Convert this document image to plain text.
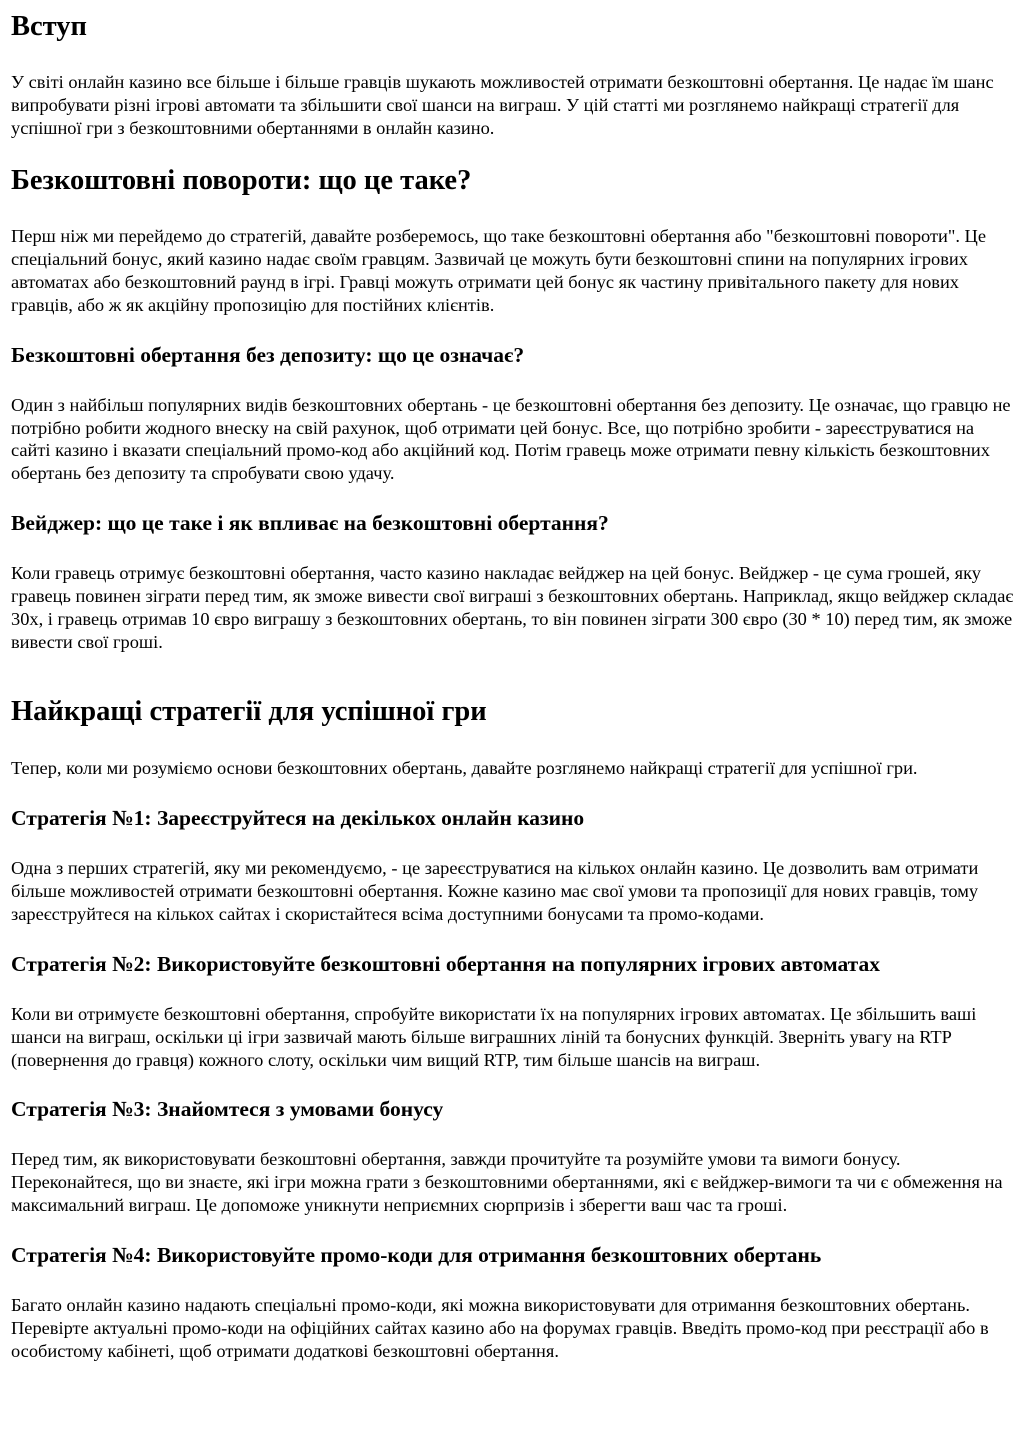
Вступ

У світі онлайн казино все більше і більше гравців шукають можливостей отримати безкоштовні обертання. Це надає їм шанс випробувати різні ігрові автомати та збільшити свої шанси на виграш. У цій статті ми розглянемо найкращі стратегії для успішної гри з безкоштовними обертаннями в онлайн казино.

Безкоштовні повороти: що це таке?

Перш ніж ми перейдемо до стратегій, давайте розберемось, що таке безкоштовні обертання або "безкоштовні повороти". Це спеціальний бонус, який казино надає своїм гравцям. Зазвичай це можуть бути безкоштовні спини на популярних ігрових автоматах або безкоштовний раунд в ігрі. Гравці можуть отримати цей бонус як частину привітального пакету для нових гравців, або ж як акційну пропозицію для постійних клієнтів.

Безкоштовні обертання без депозиту: що це означає?

Один з найбільш популярних видів безкоштовних обертань - це безкоштовні обертання без депозиту. Це означає, що гравцю не потрібно робити жодного внеску на свій рахунок, щоб отримати цей бонус. Все, що потрібно зробити - зареєструватися на сайті казино і вказати спеціальний промо-код або акційний код. Потім гравець може отримати певну кількість безкоштовних обертань без депозиту та спробувати свою удачу.

Вейджер: що це таке і як впливає на безкоштовні обертання?

Коли гравець отримує безкоштовні обертання, часто казино накладає вейджер на цей бонус. Вейджер - це сума грошей, яку гравець повинен зіграти перед тим, як зможе вивести свої виграші з безкоштовних обертань. Наприклад, якщо вейджер складає 30x, і гравець отримав 10 євро виграшу з безкоштовних обертань, то він повинен зіграти 300 євро (30 * 10) перед тим, як зможе вивести свої гроші.

Найкращі стратегії для успішної гри

Тепер, коли ми розуміємо основи безкоштовних обертань, давайте розглянемо найкращі стратегії для успішної гри.

Стратегія №1: Зареєструйтеся на декількох онлайн казино

Одна з перших стратегій, яку ми рекомендуємо, - це зареєструватися на кількох онлайн казино. Це дозволить вам отримати більше можливостей отримати безкоштовні обертання. Кожне казино має свої умови та пропозиції для нових гравців, тому зареєструйтеся на кількох сайтах і скористайтеся всіма доступними бонусами та промо-кодами.

Стратегія №2: Використовуйте безкоштовні обертання на популярних ігрових автоматах

Коли ви отримуєте безкоштовні обертання, спробуйте використати їх на популярних ігрових автоматах. Це збільшить ваші шанси на виграш, оскільки ці ігри зазвичай мають більше виграшних ліній та бонусних функцій. Зверніть увагу на RTP (повернення до гравця) кожного слоту, оскільки чим вищий RTP, тим більше шансів на виграш.

Стратегія №3: Знайомтеся з умовами бонусу

Перед тим, як використовувати безкоштовні обертання, завжди прочитуйте та розумійте умови та вимоги бонусу. Переконайтеся, що ви знаєте, які ігри можна грати з безкоштовними обертаннями, які є вейджер-вимоги та чи є обмеження на максимальний виграш. Це допоможе уникнути неприємних сюрпризів і зберегти ваш час та гроші.

Стратегія №4: Використовуйте промо-коди для отримання безкоштовних обертань

Багато онлайн казино надають спеціальні промо-коди, які можна використовувати для отримання безкоштовних обертань. Перевірте актуальні промо-коди на офіційних сайтах казино або на форумах гравців. Введіть промо-код при реєстрації або в особистому кабінеті, щоб отримати додаткові безкоштовні обертання.
